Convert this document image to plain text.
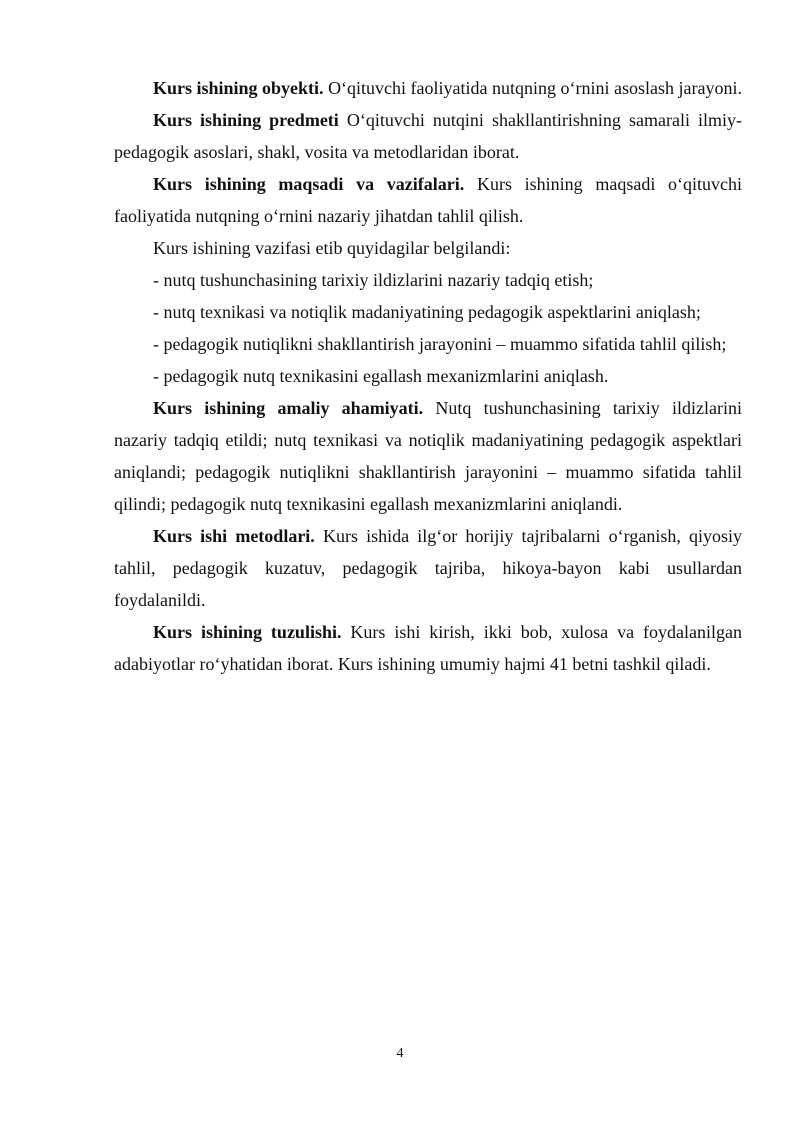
Kurs ishining obyekti. O‘qituvchi faoliyatida nutqning o‘rnini asoslash jarayoni.

Kurs ishining predmeti O‘qituvchi nutqini shakllantirishning samarali ilmiy-pedagogik asoslari, shakl, vosita va metodlaridan iborat.

Kurs ishining maqsadi va vazifalari. Kurs ishining maqsadi o‘qituvchi faoliyatida nutqning o‘rnini nazariy jihatdan tahlil qilish.

Kurs ishining vazifasi etib quyidagilar belgilandi:

- nutq tushunchasining tarixiy ildizlarini nazariy tadqiq etish;

- nutq texnikasi va notiqlik madaniyatining pedagogik aspektlarini aniqlash;

- pedagogik nutiqlikni shakllantirish jarayonini – muammo sifatida tahlil qilish;

- pedagogik nutq texnikasini egallash mexanizmlarini aniqlash.

Kurs ishining amaliy ahamiyati. Nutq tushunchasining tarixiy ildizlarini nazariy tadqiq etildi; nutq texnikasi va notiqlik madaniyatining pedagogik aspektlari aniqlandi; pedagogik nutiqlikni shakllantirish jarayonini – muammo sifatida tahlil qilindi; pedagogik nutq texnikasini egallash mexanizmlarini aniqlandi.

Kurs ishi metodlari. Kurs ishida ilg‘or horijiy tajribalarni o‘rganish, qiyosiy tahlil, pedagogik kuzatuv, pedagogik tajriba, hikoya-bayon kabi usullardan foydalanildi.

Kurs ishining tuzulishi. Kurs ishi kirish, ikki bob, xulosa va foydalanilgan adabiyotlar ro‘yhatidan iborat. Kurs ishining umumiy hajmi 41 betni tashkil qiladi.

4
